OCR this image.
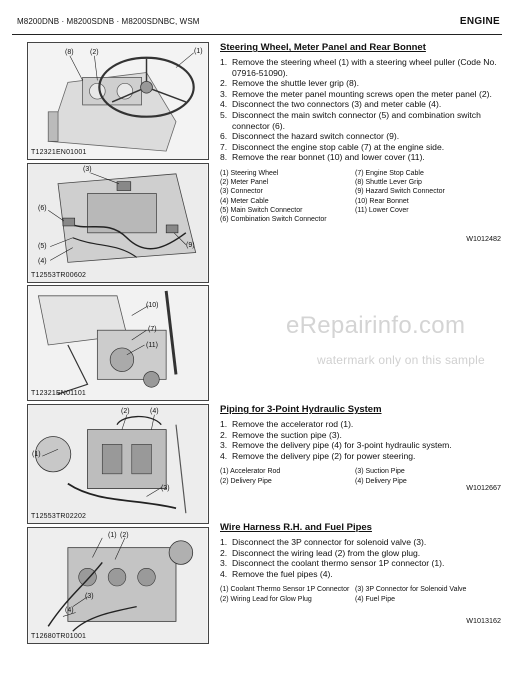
M8200DNB · M8200SDNB · M8200SDNBC, WSM	ENGINE
(8) (2)	(1)
T12321EN01001
(3)
(6)
(5)
(4)
(9)
T12553TR00602
(10)
(7)
(11)
T12321EN01101
(2)	(4)
(1)
(3)
T12553TR02202
(1) (2)
(3)
(4)
T12680TR01001
Steering Wheel, Meter Panel and Rear Bonnet
1. Remove the steering wheel (1) with a steering wheel puller (Code No. 07916-51090).
2. Remove the shuttle lever grip (8).
3. Remove the meter panel mounting screws open the meter panel (2).
4. Disconnect the two connectors (3) and meter cable (4).
5. Disconnect the main switch connector (5) and combination switch connector (6).
6. Disconnect the hazard switch connector (9).
7. Disconnect the engine stop cable (7) at the engine side.
8. Remove the rear bonnet (10) and lower cover (11).
(1) Steering Wheel	(7) Engine Stop Cable
(2) Meter Panel	(8) Shuttle Lever Grip
(3) Connector	(9) Hazard Switch Connector
(4) Meter Cable	(10) Rear Bonnet
(5) Main Switch Connector	(11) Lower Cover
(6) Combination Switch Connector
W1012482
eRepairinfo.com
watermark only on this sample
Piping for 3-Point Hydraulic System
1. Remove the accelerator rod (1).
2. Remove the suction pipe (3).
3. Remove the delivery pipe (4) for 3-point hydraulic system.
4. Remove the delivery pipe (2) for power steering.
(1) Accelerator Rod	(3) Suction Pipe
(2) Delivery Pipe	(4) Delivery Pipe
W1012667
Wire Harness R.H. and Fuel Pipes
1. Disconnect the 3P connector for solenoid valve (3).
2. Disconnect the wiring lead (2) from the glow plug.
3. Disconnect the coolant thermo sensor 1P connector (1).
4. Remove the fuel pipes (4).
(1) Coolant Thermo Sensor 1P Connector (3) 3P Connector for Solenoid Valve
(2) Wiring Lead for Glow Plug	(4) Fuel Pipe
W1013162
